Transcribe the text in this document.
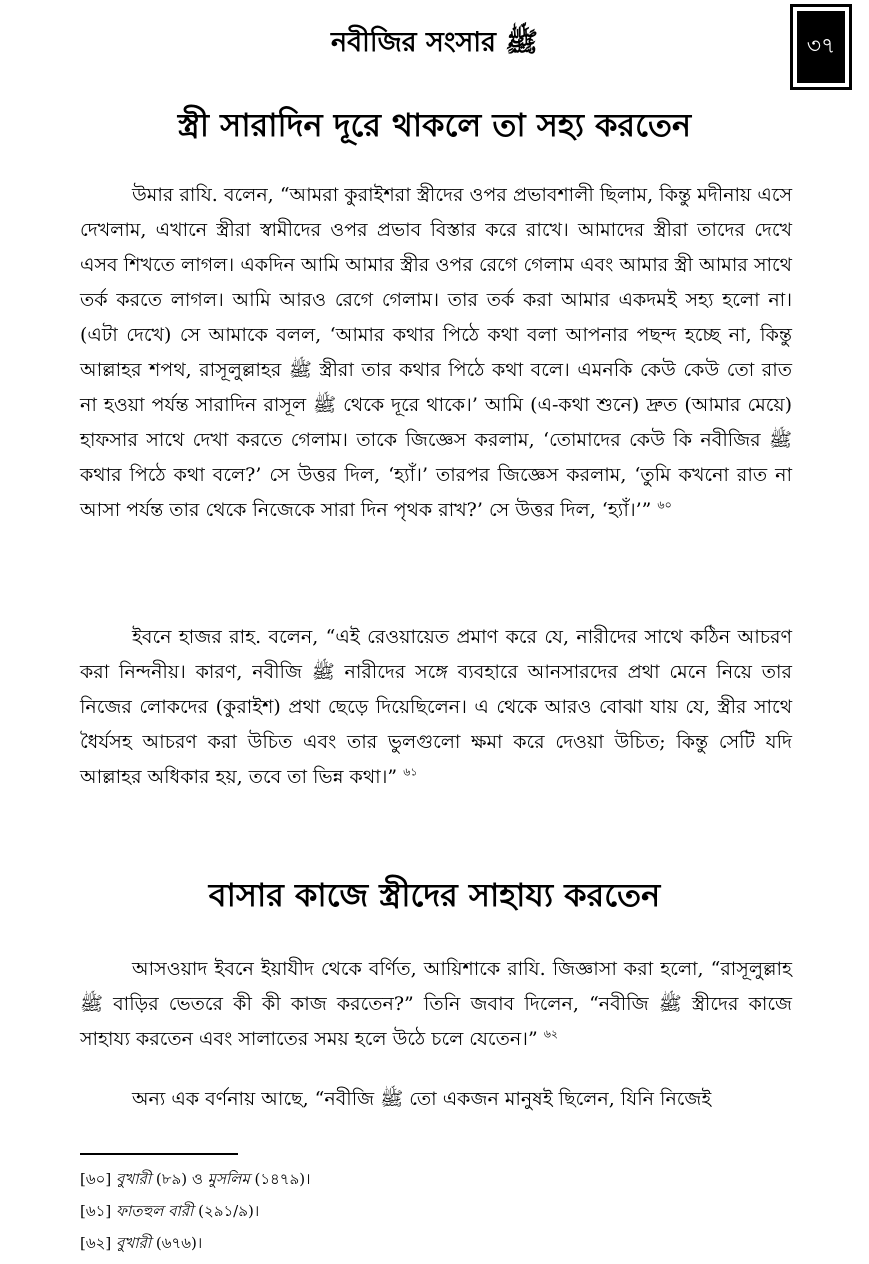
নবীজির সংসার ﷺ	৩৭
স্ত্রী সারাদিন দূরে থাকলে তা সহ্য করতেন

উমার রাযি. বলেন, “আমরা কুরাইশরা স্ত্রীদের ওপর প্রভাবশালী ছিলাম, কিন্তু মদীনায় এসে দেখলাম, এখানে স্ত্রীরা স্বামীদের ওপর প্রভাব বিস্তার করে রাখে। আমাদের স্ত্রীরা তাদের দেখে এসব শিখতে লাগল। একদিন আমি আমার স্ত্রীর ওপর রেগে গেলাম এবং আমার স্ত্রী আমার সাথে তর্ক করতে লাগল। আমি আরও রেগে গেলাম। তার তর্ক করা আমার একদমই সহ্য হলো না। (এটা দেখে) সে আমাকে বলল, ‘আমার কথার পিঠে কথা বলা আপনার পছন্দ হচ্ছে না, কিন্তু আল্লাহর শপথ, রাসূলুল্লাহর ﷺ স্ত্রীরা তার কথার পিঠে কথা বলে। এমনকি কেউ কেউ তো রাত না হওয়া পর্যন্ত সারাদিন রাসূল ﷺ থেকে দূরে থাকে।’ আমি (এ-কথা শুনে) দ্রুত (আমার মেয়ে) হাফসার সাথে দেখা করতে গেলাম। তাকে জিজ্ঞেস করলাম, ‘তোমাদের কেউ কি নবীজির ﷺ কথার পিঠে কথা বলে?’ সে উত্তর দিল, ‘হ্যাঁ।’ তারপর জিজ্ঞেস করলাম, ‘তুমি কখনো রাত না আসা পর্যন্ত তার থেকে নিজেকে সারা দিন পৃথক রাখ?’ সে উত্তর দিল, ‘হ্যাঁ।’” $^{৬০}$

ইবনে হাজর রাহ. বলেন, “এই রেওয়ায়েত প্রমাণ করে যে, নারীদের সাথে কঠিন আচরণ করা নিন্দনীয়। কারণ, নবীজি ﷺ নারীদের সঙ্গে ব্যবহারে আনসারদের প্রথা মেনে নিয়ে তার নিজের লোকদের (কুরাইশ) প্রথা ছেড়ে দিয়েছিলেন। এ থেকে আরও বোঝা যায় যে, স্ত্রীর সাথে ধৈর্যসহ আচরণ করা উচিত এবং তার ভুলগুলো ক্ষমা করে দেওয়া উচিত; কিন্তু সেটি যদি আল্লাহর অধিকার হয়, তবে তা ভিন্ন কথা।” $^{৬১}$

বাসার কাজে স্ত্রীদের সাহায্য করতেন

আসওয়াদ ইবনে ইয়াযীদ থেকে বর্ণিত, আয়িশাকে রাযি. জিজ্ঞাসা করা হলো, “রাসূলুল্লাহ ﷺ বাড়ির ভেতরে কী কী কাজ করতেন?” তিনি জবাব দিলেন, “নবীজি ﷺ স্ত্রীদের কাজে সাহায্য করতেন এবং সালাতের সময় হলে উঠে চলে যেতেন।” $^{৬২}$

অন্য এক বর্ণনায় আছে, “নবীজি ﷺ তো একজন মানুষই ছিলেন, যিনি নিজেই

[৬০] বুখারী (৮৯) ও মুসলিম (১৪৭৯)।
[৬১] ফাতহুল বারী (২৯১/৯)।
[৬২] বুখারী (৬৭৬)।
